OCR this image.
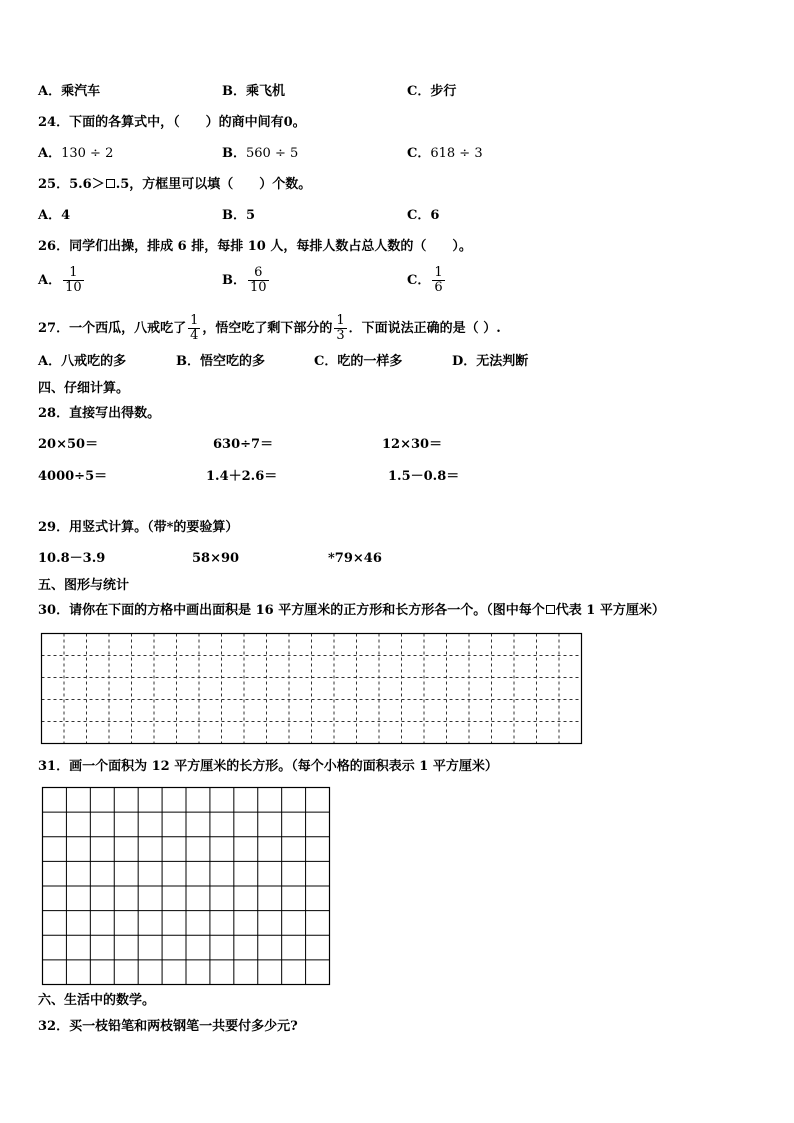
A．乘汽车	B．乘飞机	C．步行
24．下面的各算式中，（　　）的商中间有0。
A．130 ÷ 2	B．560 ÷ 5	C．618 ÷ 3
25．5.6＞ .5，方框里可以填（　　）个数。
A．4	B．5	C．6
26．同学们出操，排成 6 排，每排 10 人，每排人数占总人数的（　　）。
A． $\frac{1}{10}$	B． $\frac{6}{10}$	C． $\frac{1}{6}$
27．一个西瓜，八戒吃了 $\frac{1}{4}$ ，悟空吃了剩下部分的 $\frac{1}{3}$ ．下面说法正确的是（ ）.
A．八戒吃的多	B．悟空吃的多	C．吃的一样多	D．无法判断
四、仔细计算。
28．直接写出得数。
20×50＝	630÷7＝	12×30＝
4000÷5＝	1.4＋2.6＝	1.5－0.8＝
29．用竖式计算。（带*的要验算）
10.8－3.9	58×90	*79×46
五、图形与统计
30．请你在下面的方格中画出面积是 16 平方厘米的正方形和长方形各一个。（图中每个 代表 1 平方厘米）
31．画一个面积为 12 平方厘米的长方形。（每个小格的面积表示 1 平方厘米）
六、生活中的数学。
32．买一枝铅笔和两枝钢笔一共要付多少元?
